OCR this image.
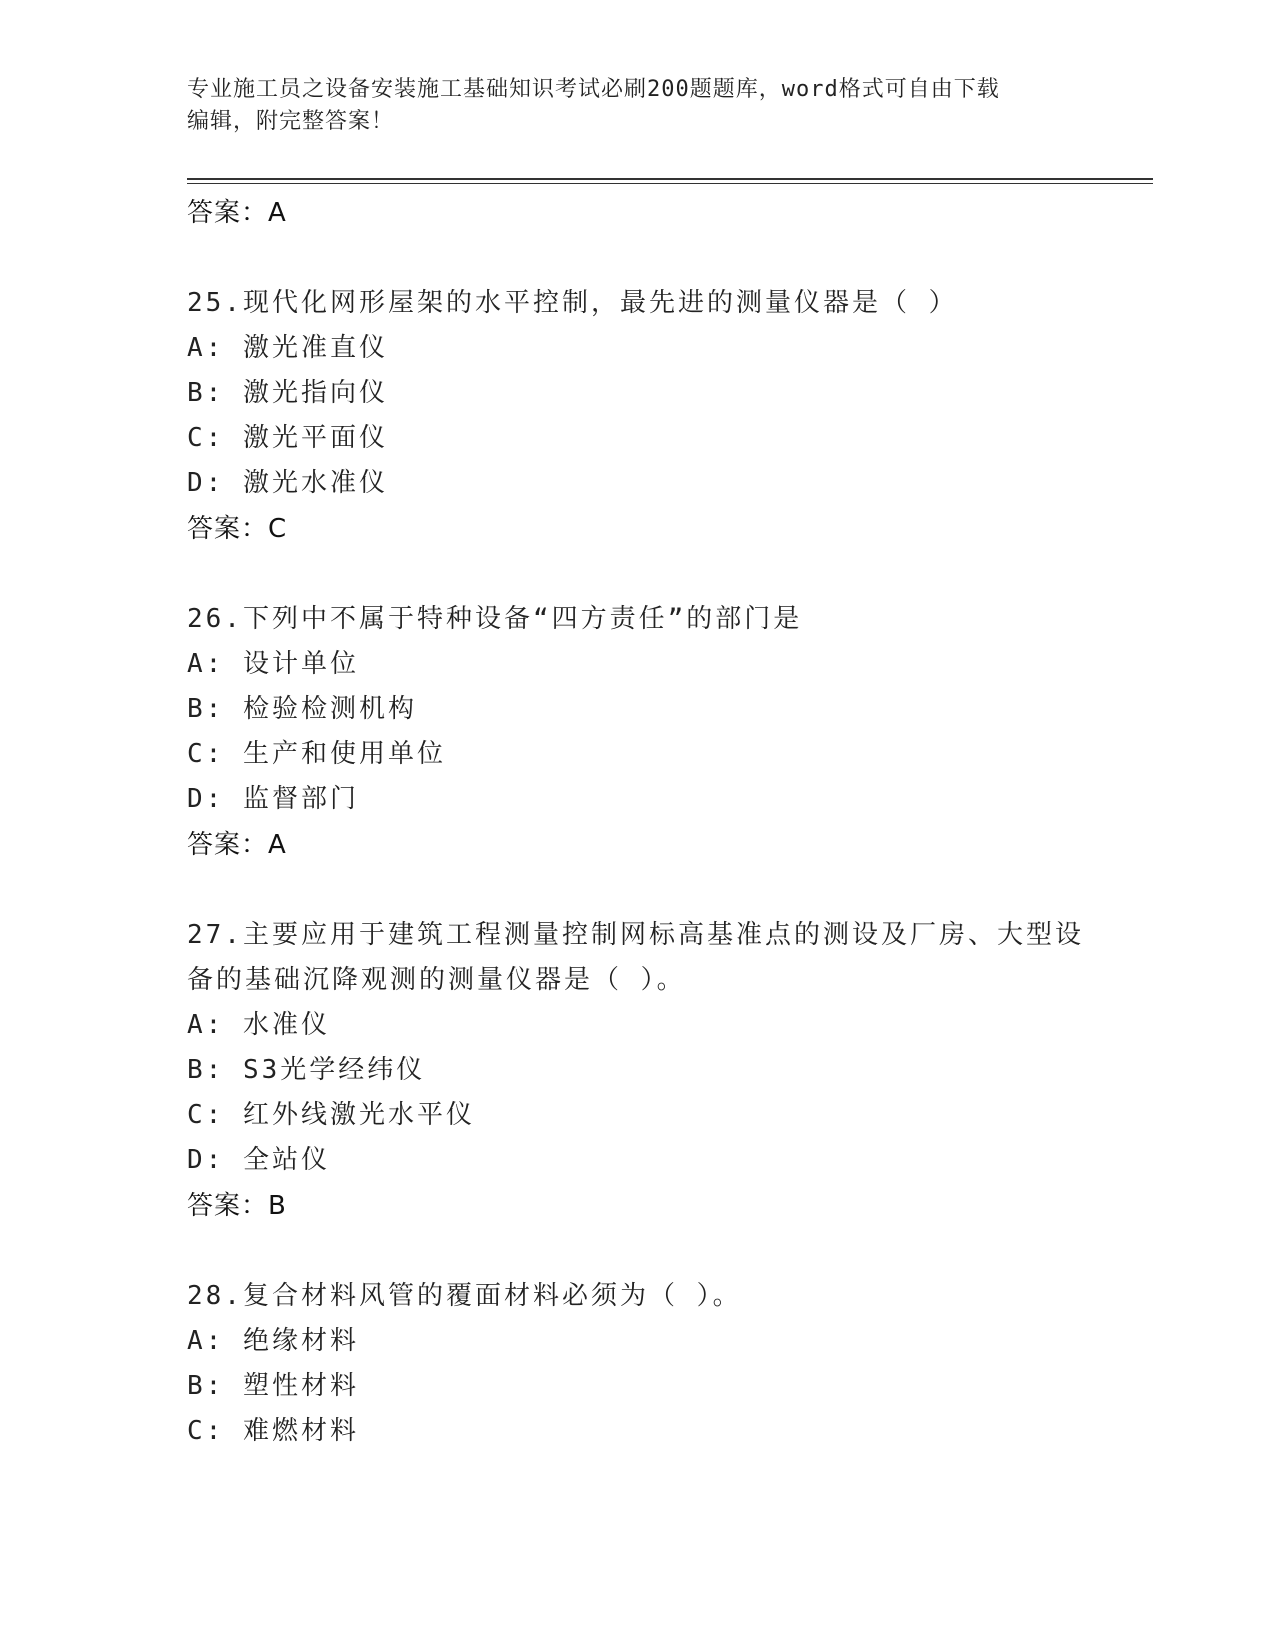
专业施工员之设备安装施工基础知识考试必刷200题题库，word格式可自由下载
编辑，附完整答案！
答案：A
25.现代化网形屋架的水平控制，最先进的测量仪器是（ ）
A: 激光准直仪
B: 激光指向仪
C: 激光平面仪
D: 激光水准仪
答案：C
26.下列中不属于特种设备“四方责任”的部门是
A: 设计单位
B: 检验检测机构
C: 生产和使用单位
D: 监督部门
答案：A
27.主要应用于建筑工程测量控制网标高基准点的测设及厂房、大型设
备的基础沉降观测的测量仪器是（ ）。
A: 水准仪
B: S3光学经纬仪
C: 红外线激光水平仪
D: 全站仪
答案：B
28.复合材料风管的覆面材料必须为（ ）。
A: 绝缘材料
B: 塑性材料
C: 难燃材料
